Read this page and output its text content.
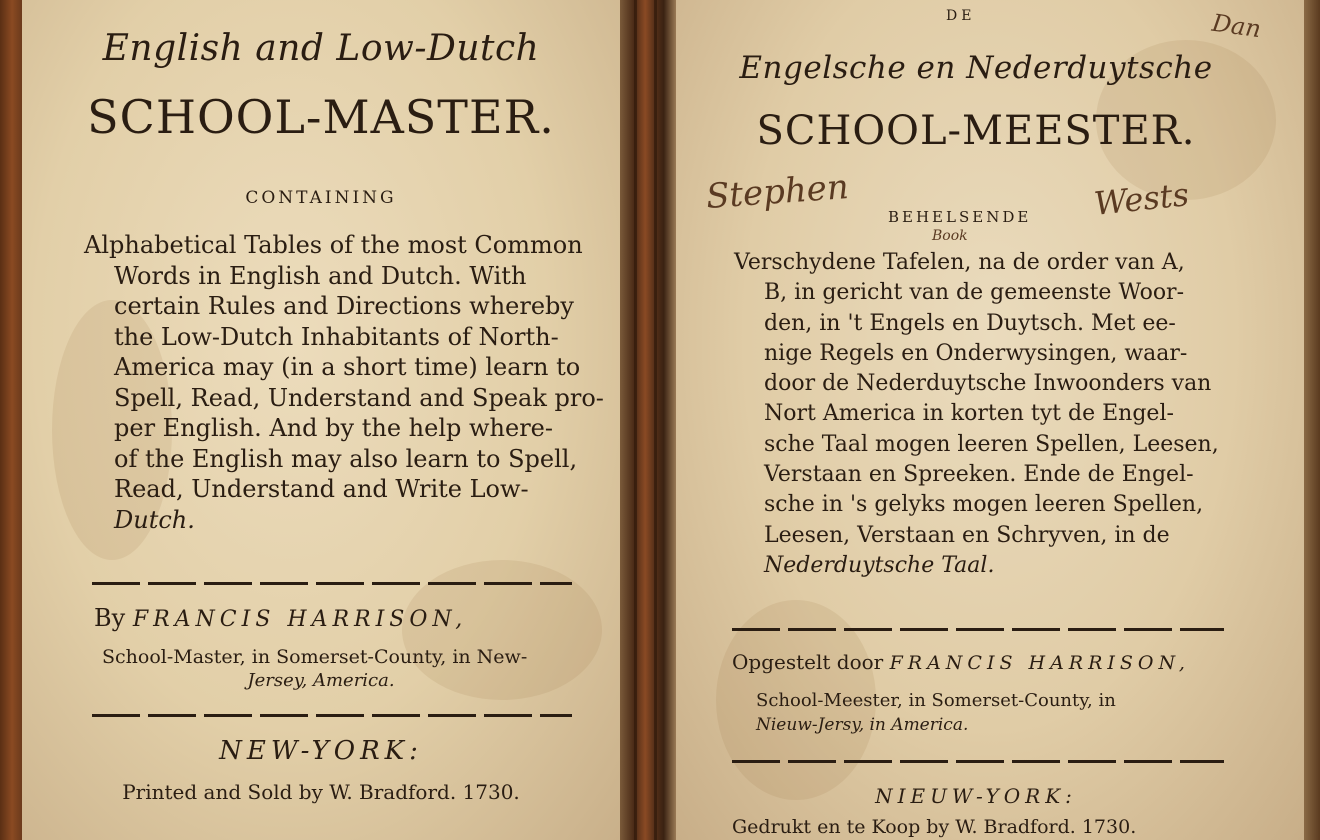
English and Low-Dutch
SCHOOL-MASTER.
CONTAINING
Alphabetical Tables of the most Common
Words in English and Dutch. With
certain Rules and Directions whereby
the Low-Dutch Inhabitants of North-
America may (in a short time) learn to
Spell, Read, Understand and Speak pro-
per English. And by the help where-
of the English may also learn to Spell,
Read, Understand and Write Low-
Dutch.
By FRANCIS HARRISON,
School-Master, in Somerset-County, in New-
Jersey, America.
NEW-YORK:
Printed and Sold by W. Bradford. 1730.
DE
Engelsche en Nederduytsche
SCHOOL-MEESTER.
BEHELSENDE
Verschydene Tafelen, na de order van A,
B, in gericht van de gemeenste Woor-
den, in 't Engels en Duytsch. Met ee-
nige Regels en Onderwysingen, waar-
door de Nederduytsche Inwoonders van
Nort America in korten tyt de Engel-
sche Taal mogen leeren Spellen, Leesen,
Verstaan en Spreeken. Ende de Engel-
sche in 's gelyks mogen leeren Spellen,
Leesen, Verstaan en Schryven, in de
Nederduytsche Taal.
Opgestelt door FRANCIS HARRISON,
School-Meester, in Somerset-County, in
Nieuw-Jersy, in America.
NIEUW-YORK:
Gedrukt en te Koop by W. Bradford. 1730.
Stephen	Wests
Book
Dan
